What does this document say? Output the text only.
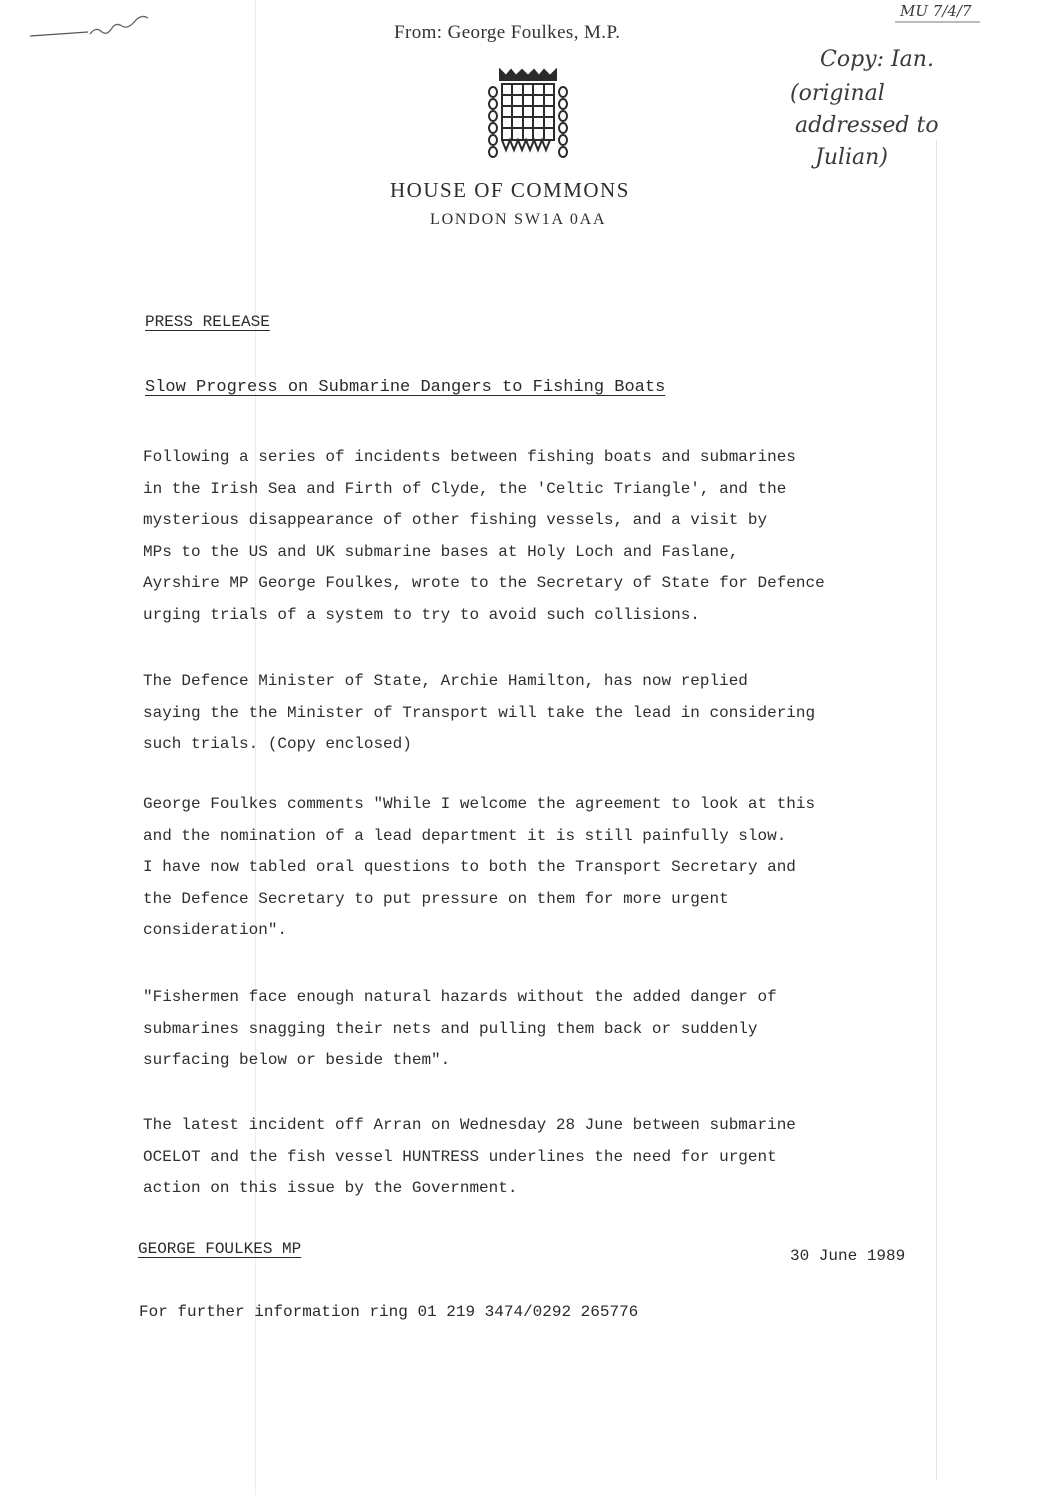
From: George Foulkes, M.P.
HOUSE OF COMMONS
LONDON SW1A 0AA
MU 7/4/7
Copy: Ian.
(original
addressed to
Julian)
PRESS RELEASE
Slow Progress on Submarine Dangers to Fishing Boats
Following a series of incidents between fishing boats and submarines
in the Irish Sea and Firth of Clyde, the 'Celtic Triangle', and the
mysterious disappearance of other fishing vessels, and a visit by
MPs to the US and UK submarine bases at Holy Loch and Faslane,
Ayrshire MP George Foulkes, wrote to the Secretary of State for Defence
urging trials of a system to try to avoid such collisions.
The Defence Minister of State, Archie Hamilton, has now replied
saying the the Minister of Transport will take the lead in considering
such trials. (Copy enclosed)
George Foulkes comments "While I welcome the agreement to look at this
and the nomination of a lead department it is still painfully slow.
I have now tabled oral questions to both the Transport Secretary and
the Defence Secretary to put pressure on them for more urgent
consideration".
"Fishermen face enough natural hazards without the added danger of
submarines snagging their nets and pulling them back or suddenly
surfacing below or beside them".
The latest incident off Arran on Wednesday 28 June between submarine
OCELOT and the fish vessel HUNTRESS underlines the need for urgent
action on this issue by the Government.
GEORGE FOULKES MP	30 June 1989
For further information ring 01 219 3474/0292 265776
